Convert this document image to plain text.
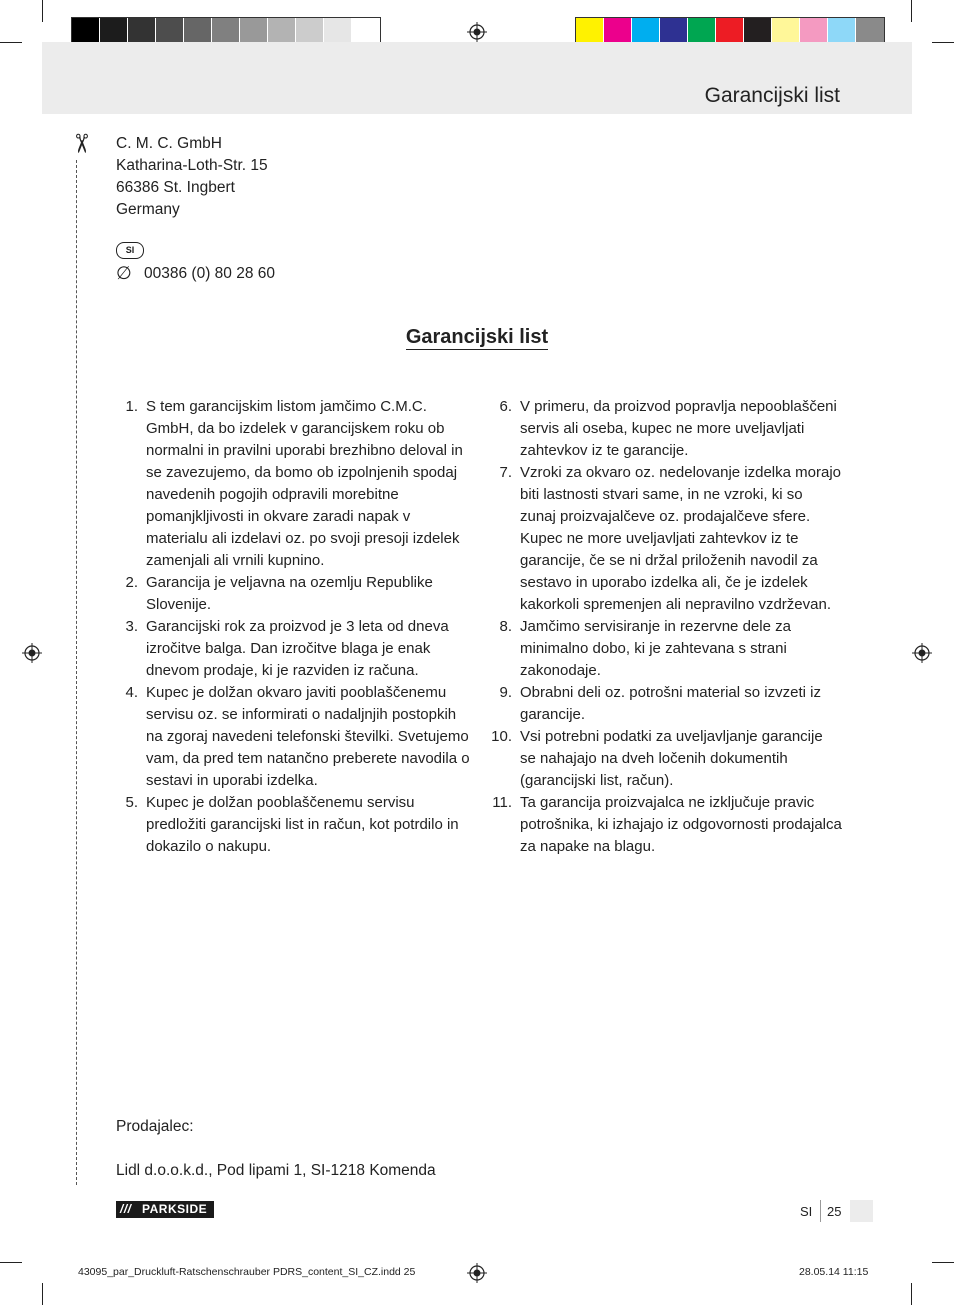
Garancijski list
✂ C. M. C. GmbH
Katharina-Loth-Str. 15
66386 St. Ingbert
Germany
SI
∅ 00386 (0) 80 28 60
Garancijski list
1. S tem garancijskim listom jamčimo C.M.C. GmbH, da bo izdelek v garancijskem roku ob normalni in pravilni uporabi brezhibno deloval in se zavezujemo, da bomo ob izpolnjenih spodaj navedenih pogojih odpravili morebitne pomanjkljivosti in okvare zaradi napak v materialu ali izdelavi oz. po svoji presoji izdelek zamenjali ali vrnili kupnino.
2. Garancija je veljavna na ozemlju Republike Slovenije.
3. Garancijski rok za proizvod je 3 leta od dneva izročitve balga. Dan izročitve blaga je enak dnevom prodaje, ki je razviden iz računa.
4. Kupec je dolžan okvaro javiti pooblaščenemu servisu oz. se informirati o nadaljnjih postopkih na zgoraj navedeni telefonski številki. Svetujemo vam, da pred tem natančno preberete navodila o sestavi in uporabi izdelka.
5. Kupec je dolžan pooblaščenemu servisu predložiti garancijski list in račun, kot potrdilo in dokazilo o nakupu.
6. V primeru, da proizvod popravlja nepooblaščeni servis ali oseba, kupec ne more uveljavljati zahtevkov iz te garancije.
7. Vzroki za okvaro oz. nedelovanje izdelka morajo biti lastnosti stvari same, in ne vzroki, ki so zunaj proizvajalčeve oz. prodajalčeve sfere. Kupec ne more uveljavljati zahtevkov iz te garancije, če se ni držal priloženih navodil za sestavo in uporabo izdelka ali, če je izdelek kakorkoli spremenjen ali nepravilno vzdrževan.
8. Jamčimo servisiranje in rezervne dele za minimalno dobo, ki je zahtevana s strani zakonodaje.
9. Obrabni deli oz. potrošni material so izvzeti iz garancije.
10. Vsi potrebni podatki za uveljavljanje garancije se nahajajo na dveh ločenih dokumentih (garancijski list, račun).
11. Ta garancija proizvajalca ne izključuje pravic potrošnika, ki izhajajo iz odgovornosti prodajalca za napake na blagu.
Prodajalec:
Lidl d.o.o.k.d., Pod lipami 1, SI-1218 Komenda
/// PARKSIDE	SI 25
43095_par_Druckluft-Ratschenschrauber PDRS_content_SI_CZ.indd 25	28.05.14 11:15
